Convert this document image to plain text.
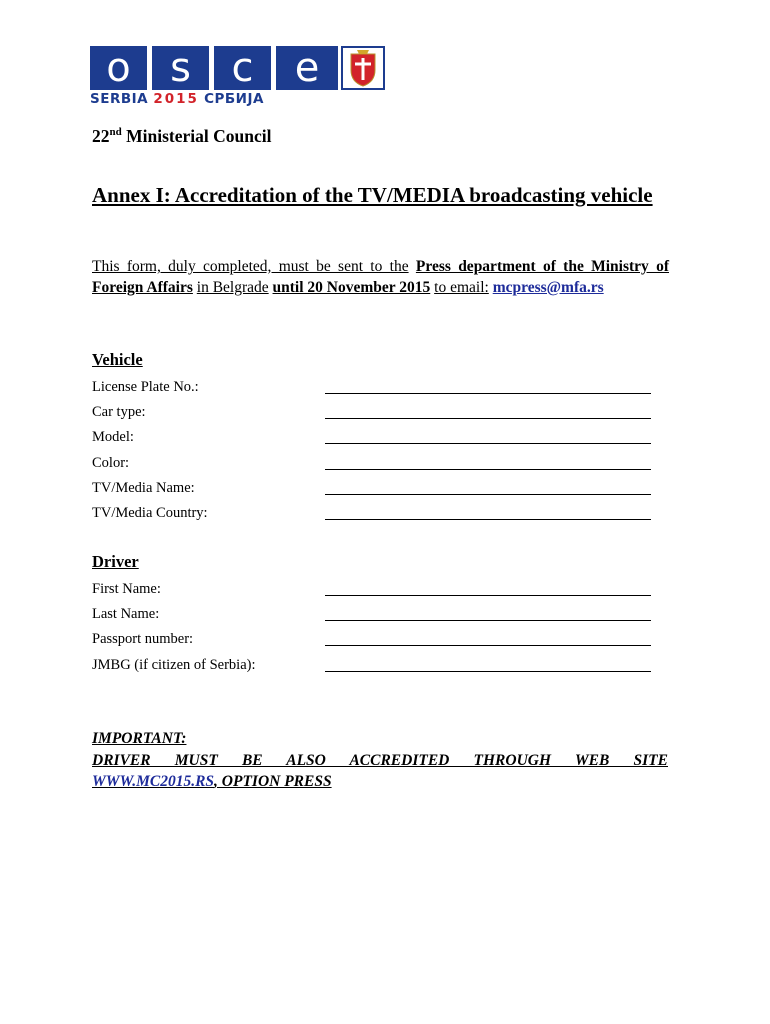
o s	c	e
SERBIA 2015 СРБИЈА
22nd Ministerial Council
Annex I: Accreditation of the TV/MEDIA broadcasting vehicle
This form, duly completed, must be sent to the Press department of the Ministry of Foreign Affairs in Belgrade until 20 November 2015 to email: mcpress@mfa.rs
Vehicle
License Plate No.:
Car type:
Model:
Color:
TV/Media Name:
TV/Media Country:
Driver
First Name:
Last Name:
Passport number:
JMBG (if citizen of Serbia):
IMPORTANT:
DRIVER MUST BE ALSO ACCREDITED THROUGH WEB SITE
WWW.MC2015.RS, OPTION PRESS
